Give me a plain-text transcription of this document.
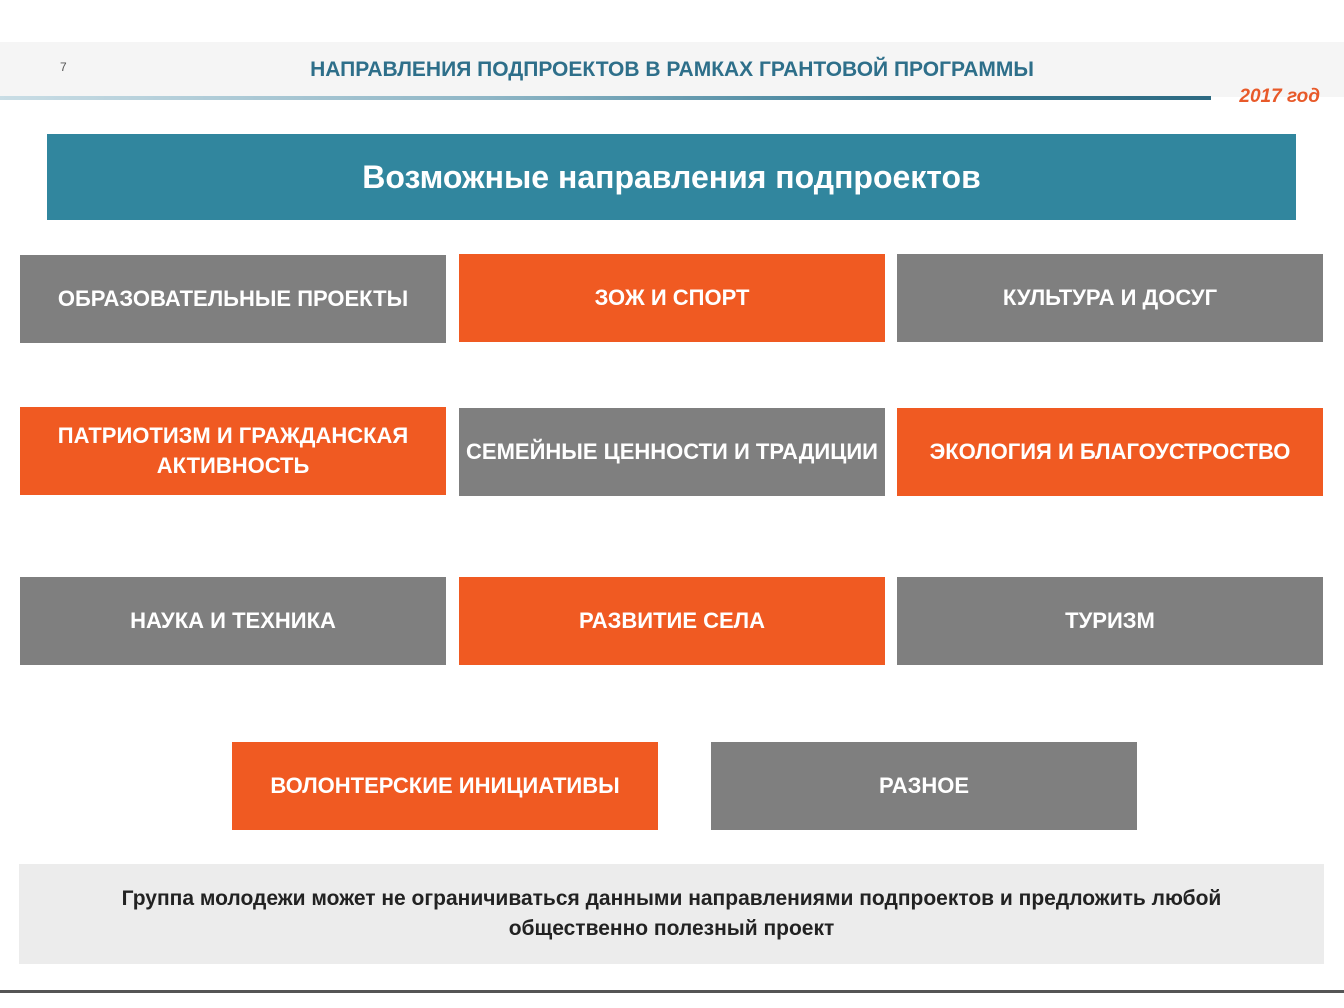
7	НАПРАВЛЕНИЯ ПОДПРОЕКТОВ В РАМКАХ ГРАНТОВОЙ ПРОГРАММЫ
2017 год
Возможные направления подпроектов
ОБРАЗОВАТЕЛЬНЫЕ ПРОЕКТЫ	ЗОЖ И СПОРТ	КУЛЬТУРА И ДОСУГ
ПАТРИОТИЗМ И ГРАЖДАНСКАЯ АКТИВНОСТЬ
СЕМЕЙНЫЕ ЦЕННОСТИ И ТРАДИЦИИ	ЭКОЛОГИЯ И БЛАГОУСТРОСТВО
НАУКА И ТЕХНИКА	РАЗВИТИЕ СЕЛА	ТУРИЗМ
ВОЛОНТЕРСКИЕ ИНИЦИАТИВЫ	РАЗНОЕ
Группа молодежи может не ограничиваться данными направлениями подпроектов и предложить любой общественно полезный проект
